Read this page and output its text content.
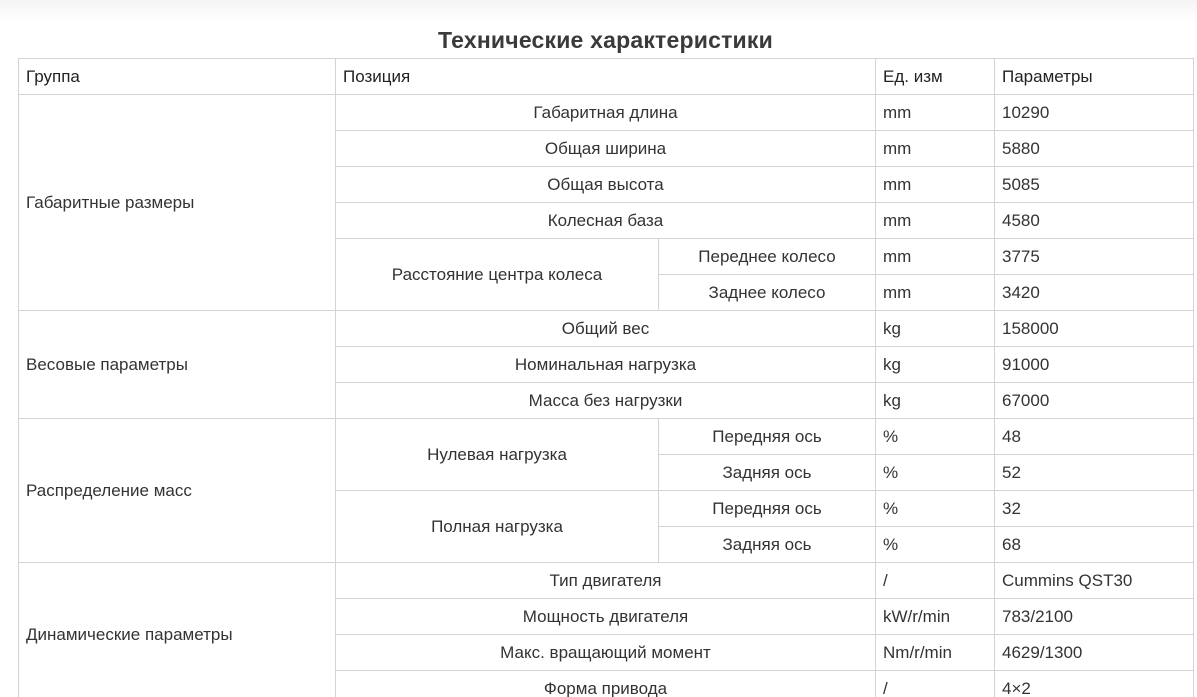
Технические характеристики
Группа	Позиция		Ед. изм	Параметры
Габаритные размеры	Габаритная длина		mm	10290
	Общая ширина		mm	5880
	Общая высота		mm	5085
	Колесная база		mm	4580
	Расстояние центра колеса	Переднее колесо	mm	3775
		Заднее колесо	mm	3420
Весовые параметры	Общий вес		kg	158000
	Номинальная нагрузка		kg	91000
	Масса без нагрузки		kg	67000
Распределение масс	Нулевая нагрузка	Передняя ось	%	48
		Задняя ось	%	52
	Полная нагрузка	Передняя ось	%	32
		Задняя ось	%	68
Динамические параметры	Тип двигателя		/	Cummins QST30
	Мощность двигателя		kW/r/min	783/2100
	Макс. вращающий момент		Nm/r/min	4629/1300
	Форма привода		/	4×2
